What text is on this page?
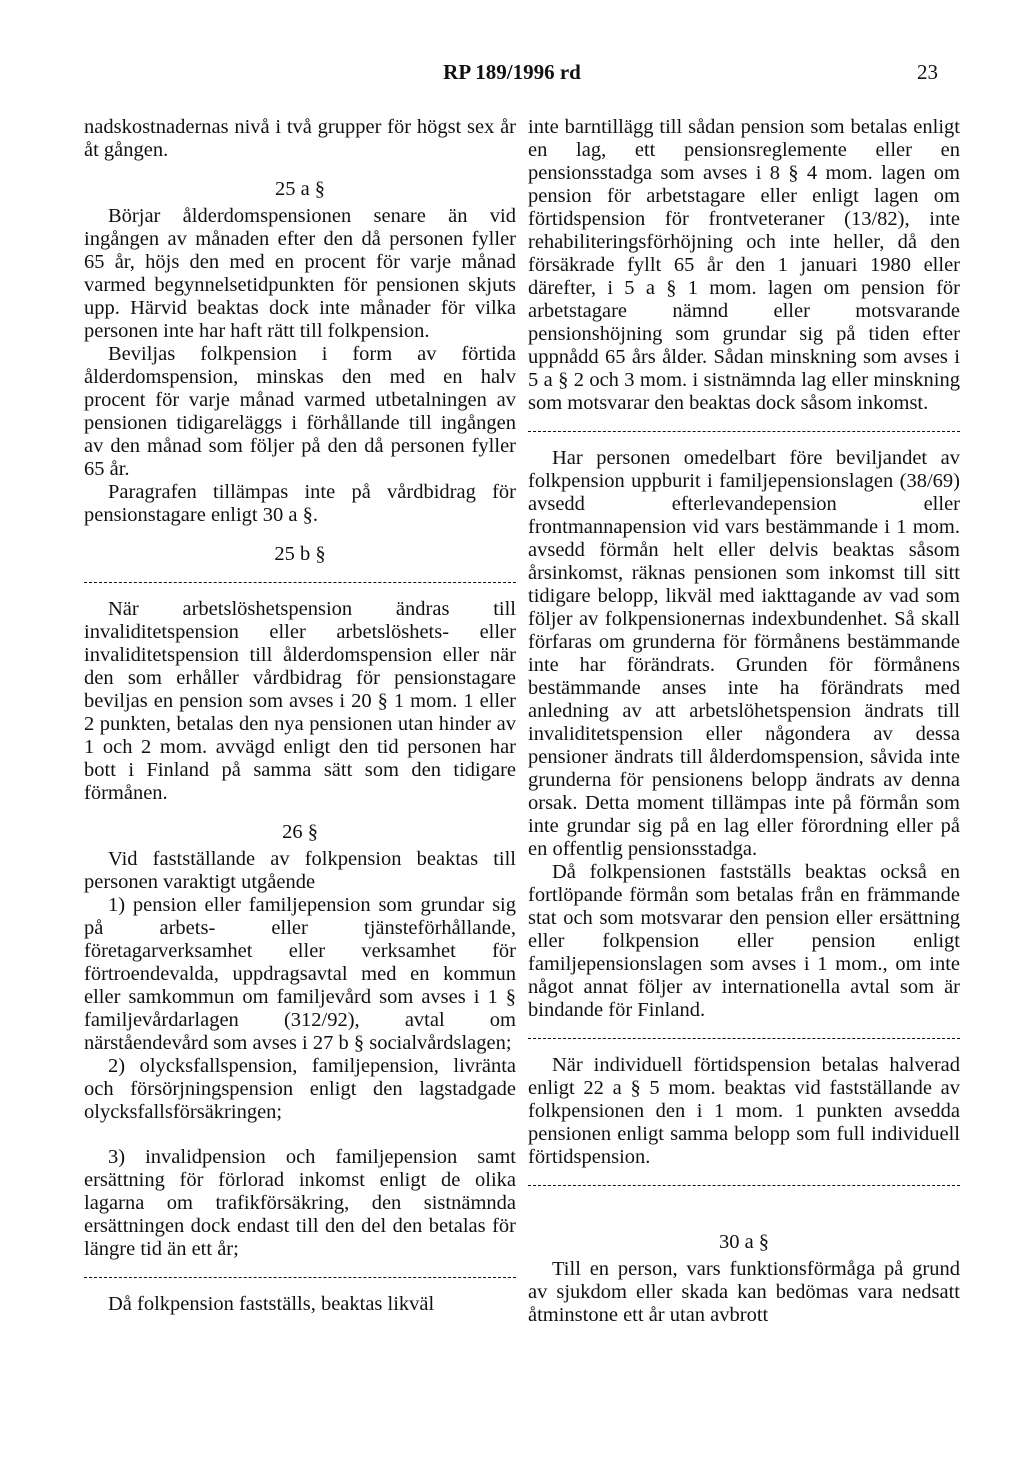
RP 189/1996 rd	23

nadskostnadernas nivå i två grupper för högst sex år åt gången.

25 a §

Börjar ålderdomspensionen senare än vid ingången av månaden efter den då personen fyller 65 år, höjs den med en procent för varje månad varmed begynnelsetidpunkten för pensionen skjuts upp. Härvid beaktas dock inte månader för vilka personen inte har haft rätt till folkpension.

Beviljas folkpension i form av förtida ålderdomspension, minskas den med en halv procent för varje månad varmed utbetalningen av pensionen tidigareläggs i förhållande till ingången av den månad som följer på den då personen fyller 65 år.

Paragrafen tillämpas inte på vårdbidrag för pensionstagare enligt 30 a §.

25 b §

När arbetslöshetspension ändras till invaliditetspension eller arbetslöshets- eller invaliditetspension till ålderdomspension eller när den som erhåller vårdbidrag för pensionstagare beviljas en pension som avses i 20 § 1 mom. 1 eller 2 punkten, betalas den nya pensionen utan hinder av 1 och 2 mom. avvägd enligt den tid personen har bott i Finland på samma sätt som den tidigare förmånen.

26 §

Vid fastställande av folkpension beaktas till personen varaktigt utgående

1) pension eller familjepension som grundar sig på arbets- eller tjänsteförhållande, företagarverksamhet eller verksamhet för förtroendevalda, uppdragsavtal med en kommun eller samkommun om familjevård som avses i 1 § familjevårdarlagen (312/92), avtal om närståendevård som avses i 27 b § socialvårdslagen;

2) olycksfallspension, familjepension, livränta och försörjningspension enligt den lagstadgade olycksfallsförsäkringen;

3) invalidpension och familjepension samt ersättning för förlorad inkomst enligt de olika lagarna om trafikförsäkring, den sistnämnda ersättningen dock endast till den del den betalas för längre tid än ett år;

Då folkpension fastställs, beaktas likväl

inte barntillägg till sådan pension som betalas enligt en lag, ett pensionsreglemente eller en pensionsstadga som avses i 8 § 4 mom. lagen om pension för arbetstagare eller enligt lagen om förtidspension för frontveteraner (13/82), inte rehabiliteringsförhöjning och inte heller, då den försäkrade fyllt 65 år den 1 januari 1980 eller därefter, i 5 a § 1 mom. lagen om pension för arbetstagare nämnd eller motsvarande pensionshöjning som grundar sig på tiden efter uppnådd 65 års ålder. Sådan minskning som avses i 5 a § 2 och 3 mom. i sistnämnda lag eller minskning som motsvarar den beaktas dock såsom inkomst.

Har personen omedelbart före beviljandet av folkpension uppburit i familjepensionslagen (38/69) avsedd efterlevandepension eller frontmannapension vid vars bestämmande i 1 mom. avsedd förmån helt eller delvis beaktas såsom årsinkomst, räknas pensionen som inkomst till sitt tidigare belopp, likväl med iakttagande av vad som följer av folkpensionernas indexbundenhet. Så skall förfaras om grunderna för förmånens bestämmande inte har förändrats. Grunden för förmånens bestämmande anses inte ha förändrats med anledning av att arbetslöhetspension ändrats till invaliditetspension eller någondera av dessa pensioner ändrats till ålderdomspension, såvida inte grunderna för pensionens belopp ändrats av denna orsak. Detta moment tillämpas inte på förmån som inte grundar sig på en lag eller förordning eller på en offentlig pensionsstadga.

Då folkpensionen fastställs beaktas också en fortlöpande förmån som betalas från en främmande stat och som motsvarar den pension eller ersättning eller folkpension eller pension enligt familjepensionslagen som avses i 1 mom., om inte något annat följer av internationella avtal som är bindande för Finland.

När individuell förtidspension betalas halverad enligt 22 a § 5 mom. beaktas vid fastställande av folkpensionen den i 1 mom. 1 punkten avsedda pensionen enligt samma belopp som full individuell förtidspension.

30 a §

Till en person, vars funktionsförmåga på grund av sjukdom eller skada kan bedömas vara nedsatt åtminstone ett år utan avbrott
